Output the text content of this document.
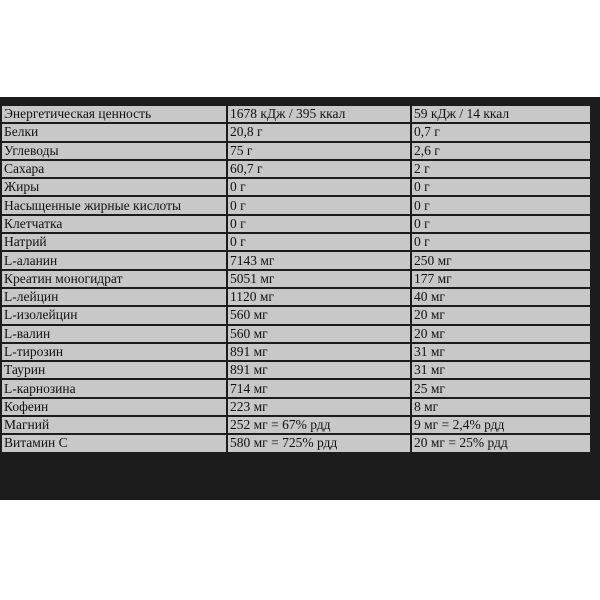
Энергетическая ценность	1678 кДж / 395 ккал	59 кДж / 14 ккал
Белки	20,8 г	0,7 г
Углеводы	75 г	2,6 г
Сахара	60,7 г	2 г
Жиры	0 г	0 г
Насыщенные жирные кислоты	0 г	0 г
Клетчатка	0 г	0 г
Натрий	0 г	0 г
L-аланин	7143 мг	250 мг
Креатин моногидрат	5051 мг	177 мг
L-лейцин	1120 мг	40 мг
L-изолейцин	560 мг	20 мг
L-валин	560 мг	20 мг
L-тирозин	891 мг	31 мг
Таурин	891 мг	31 мг
L-карнозина	714 мг	25 мг
Кофеин	223 мг	8 мг
Магний	252 мг = 67% рдд	9 мг = 2,4% рдд
Витамин С	580 мг = 725% рдд	20 мг = 25% рдд
